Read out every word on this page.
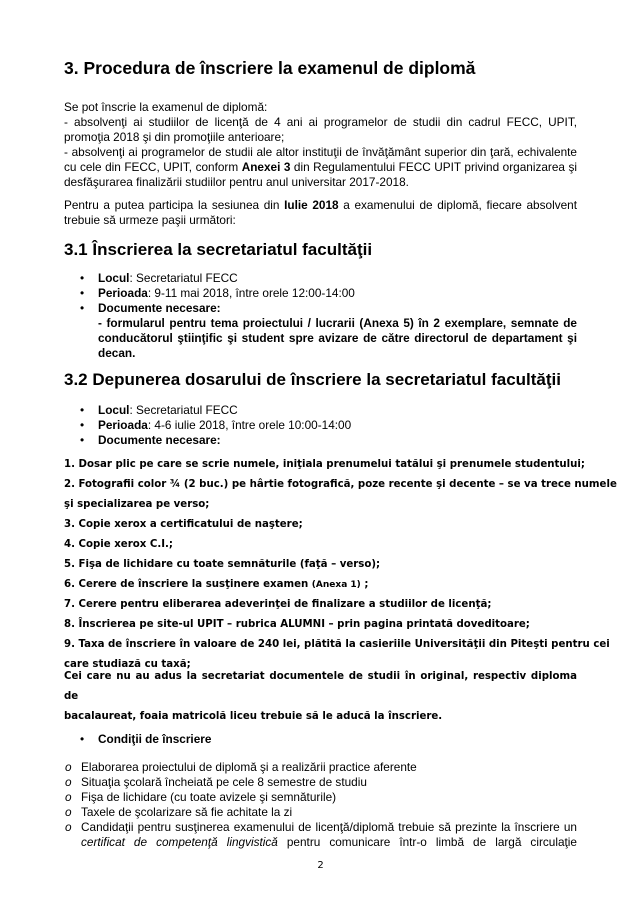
3. Procedura de înscriere la examenul de diplomă

Se pot înscrie la examenul de diplomă:
- absolvenţi ai studiilor de licenţă de 4 ani ai programelor de studii din cadrul FECC, UPIT,
promoţia 2018 şi din promoţiile anterioare;
- absolvenţi ai programelor de studii ale altor instituţii de învăţământ superior din ţară, echivalente
cu cele din FECC, UPIT, conform Anexei 3 din Regulamentului FECC UPIT privind organizarea şi
desfăşurarea finalizării studiilor pentru anul universitar 2017-2018.

Pentru a putea participa la sesiunea din Iulie 2018 a examenului de diplomă, fiecare absolvent
trebuie să urmeze paşii următori:

3.1 Înscrierea la secretariatul facultăţii
• Locul: Secretariatul FECC
• Perioada: 9-11 mai 2018, între orele 12:00-14:00
• Documente necesare:
- formularul pentru tema proiectului / lucrarii (Anexa 5) în 2 exemplare, semnate de
conducătorul ştiinţific şi student spre avizare de către directorul de departament şi
decan.
3.2 Depunerea dosarului de înscriere la secretariatul facultăţii
• Locul: Secretariatul FECC
• Perioada: 4-6 iulie 2018, între orele 10:00-14:00
• Documente necesare:
1. Dosar plic pe care se scrie numele, iniţiala prenumelui tatălui şi prenumele studentului;
2. Fotografii color ¾ (2 buc.) pe hârtie fotografică, poze recente şi decente – se va trece numele
şi specializarea pe verso;
3. Copie xerox a certificatului de naştere;
4. Copie xerox C.I.;
5. Fişa de lichidare cu toate semnăturile (faţă – verso);
6. Cerere de înscriere la susţinere examen (Anexa 1) ;
7. Cerere pentru eliberarea adeverinţei de finalizare a studiilor de licenţă;
8. Înscrierea pe site-ul UPIT – rubrica ALUMNI – prin pagina printată doveditoare;
9. Taxa de înscriere în valoare de 240 lei, plătită la casieriile Universităţii din Piteşti pentru cei
care studiază cu taxă;
Cei care nu au adus la secretariat documentele de studii în original, respectiv diploma de
bacalaureat, foaia matricolă liceu trebuie să le aducă la înscriere.
• Condiţii de înscriere
o Elaborarea proiectului de diplomă şi a realizării practice aferente
o Situaţia şcolară încheiată pe cele 8 semestre de studiu
o Fişa de lichidare (cu toate avizele şi semnăturile)
o Taxele de şcolarizare să fie achitate la zi
o Candidaţii pentru susţinerea examenului de licenţă/diplomă trebuie să prezinte la înscriere un
certificat de competenţă lingvistică pentru comunicare într-o limbă de largă circulaţie
2
